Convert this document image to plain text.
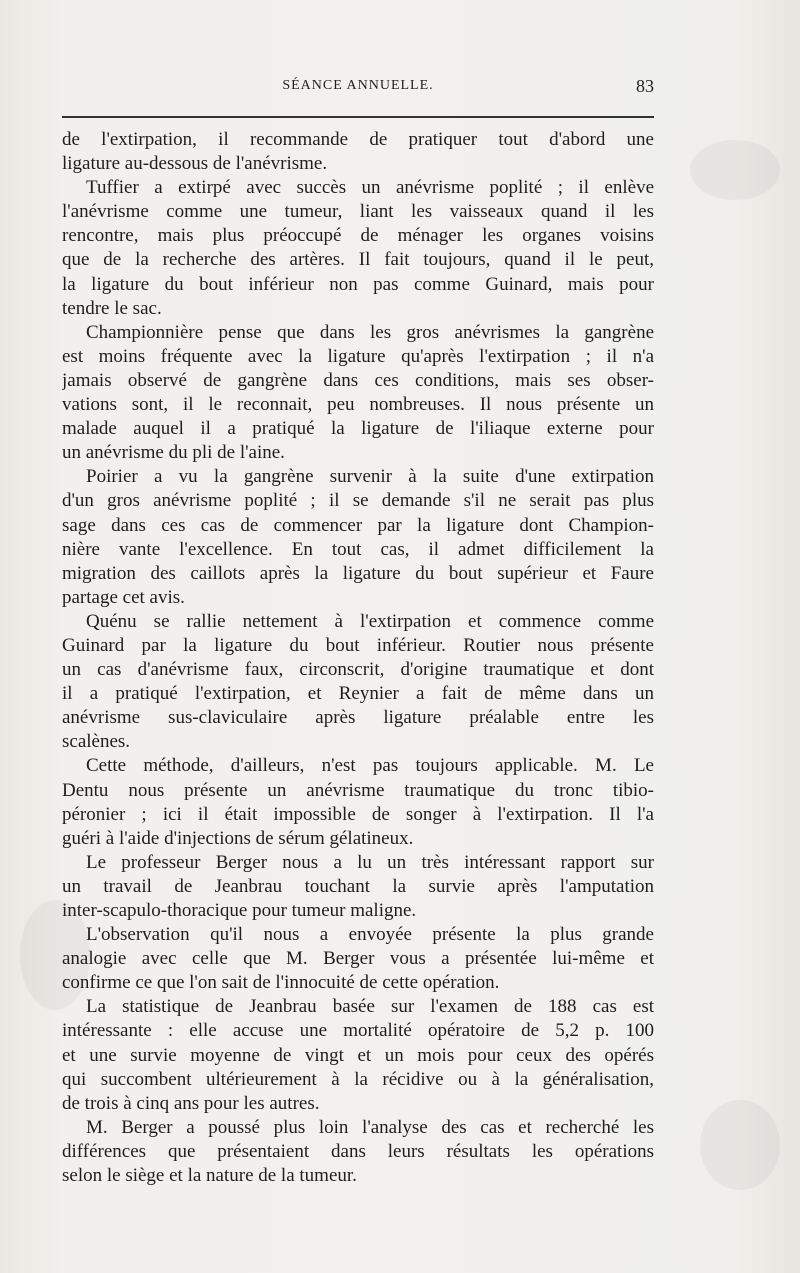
SÉANCE ANNUELLE.	83
de l'extirpation, il recommande de pratiquer tout d'abord une
ligature au-dessous de l'anévrisme.
Tuffier a extirpé avec succès un anévrisme poplité ; il enlève
l'anévrisme comme une tumeur, liant les vaisseaux quand il les
rencontre, mais plus préoccupé de ménager les organes voisins
que de la recherche des artères. Il fait toujours, quand il le peut,
la ligature du bout inférieur non pas comme Guinard, mais pour
tendre le sac.
Championnière pense que dans les gros anévrismes la gangrène
est moins fréquente avec la ligature qu'après l'extirpation ; il n'a
jamais observé de gangrène dans ces conditions, mais ses obser-
vations sont, il le reconnait, peu nombreuses. Il nous présente un
malade auquel il a pratiqué la ligature de l'iliaque externe pour
un anévrisme du pli de l'aine.
Poirier a vu la gangrène survenir à la suite d'une extirpation
d'un gros anévrisme poplité ; il se demande s'il ne serait pas plus
sage dans ces cas de commencer par la ligature dont Champion-
nière vante l'excellence. En tout cas, il admet difficilement la
migration des caillots après la ligature du bout supérieur et Faure
partage cet avis.
Quénu se rallie nettement à l'extirpation et commence comme
Guinard par la ligature du bout inférieur. Routier nous présente
un cas d'anévrisme faux, circonscrit, d'origine traumatique et dont
il a pratiqué l'extirpation, et Reynier a fait de même dans un
anévrisme sus-claviculaire après ligature préalable entre les
scalènes.
Cette méthode, d'ailleurs, n'est pas toujours applicable. M. Le
Dentu nous présente un anévrisme traumatique du tronc tibio-
péronier ; ici il était impossible de songer à l'extirpation. Il l'a
guéri à l'aide d'injections de sérum gélatineux.
Le professeur Berger nous a lu un très intéressant rapport sur
un travail de Jeanbrau touchant la survie après l'amputation
inter-scapulo-thoracique pour tumeur maligne.
L'observation qu'il nous a envoyée présente la plus grande
analogie avec celle que M. Berger vous a présentée lui-même et
confirme ce que l'on sait de l'innocuité de cette opération.
La statistique de Jeanbrau basée sur l'examen de 188 cas est
intéressante : elle accuse une mortalité opératoire de 5,2 p. 100
et une survie moyenne de vingt et un mois pour ceux des opérés
qui succombent ultérieurement à la récidive ou à la généralisation,
de trois à cinq ans pour les autres.
M. Berger a poussé plus loin l'analyse des cas et recherché les
différences que présentaient dans leurs résultats les opérations
selon le siège et la nature de la tumeur.
